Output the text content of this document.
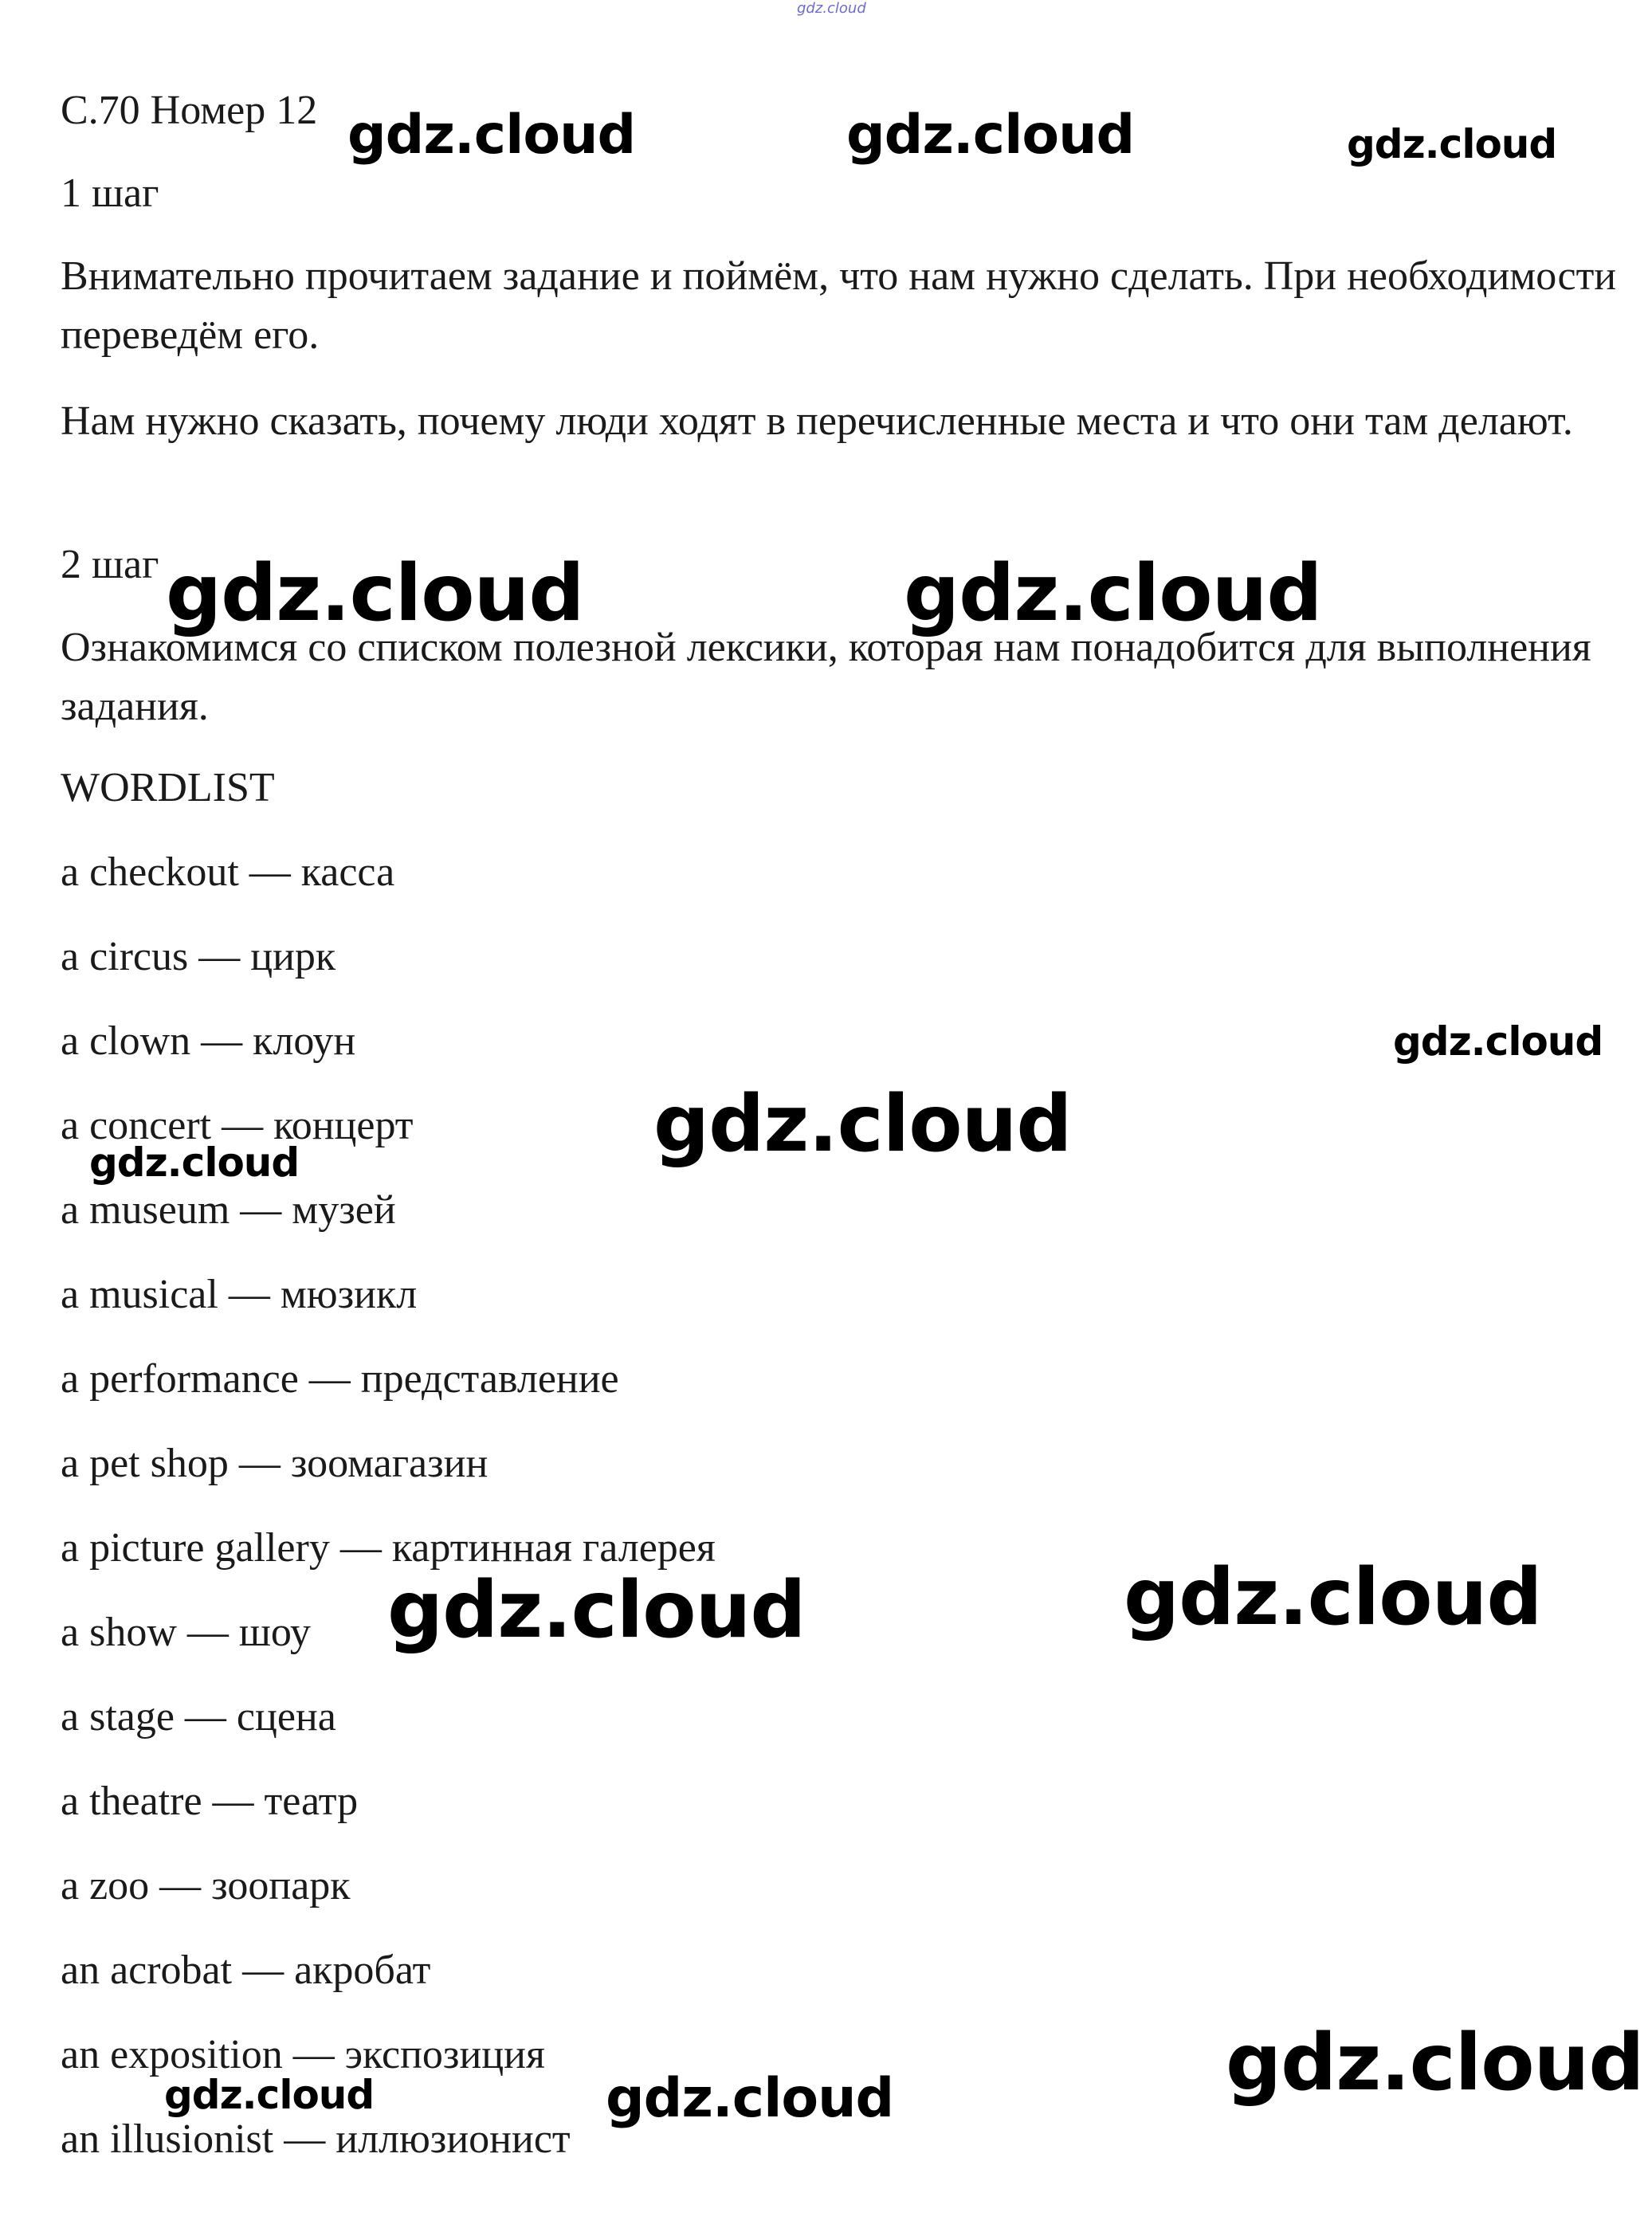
gdz.cloud

С.70 Номер 12

1 шаг

Внимательно прочитаем задание и поймём, что нам нужно сделать. При необходимости переведём его.

Нам нужно сказать, почему люди ходят в перечисленные места и что они там делают.

2 шаг

Ознакомимся со списком полезной лексики, которая нам понадобится для выполнения задания.

WORDLIST

a checkout — касса

a circus — цирк

a clown — клоун

a concert — концерт

a museum — музей

a musical — мюзикл

a performance — представление

a pet shop — зоомагазин

a picture gallery — картинная галерея

a show — шоу

a stage — сцена

a theatre — театр

a zoo — зоопарк

an acrobat — акробат

an exposition — экспозиция

an illusionist — иллюзионист

gdz.cloud	gdz.cloud	gdz.cloud
gdz.cloud	gdz.cloud
gdz.cloud
gdz.cloud
gdz.cloud
gdz.cloud
gdz.cloud
gdz.cloud
gdz.cloud
gdz.cloud
